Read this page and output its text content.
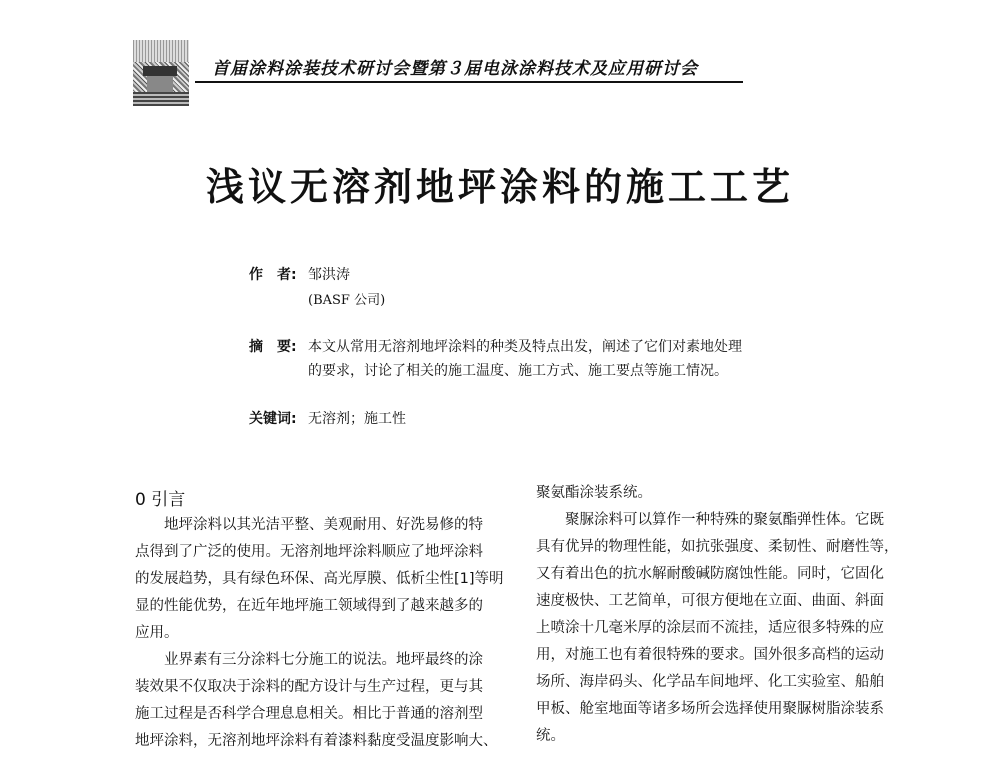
首届涂料涂装技术研讨会暨第３届电泳涂料技术及应用研讨会
浅议无溶剂地坪涂料的施工工艺
作　者: 邹洪涛
(BASF 公司)
摘　要: 本文从常用无溶剂地坪涂料的种类及特点出发，阐述了它们对素地处理
的要求，讨论了相关的施工温度、施工方式、施工要点等施工情况。
关键词: 无溶剂；施工性
0 引言

　　地坪涂料以其光洁平整、美观耐用、好洗易修的特

点得到了广泛的使用。无溶剂地坪涂料顺应了地坪涂料

的发展趋势，具有绿色环保、高光厚膜、低析尘性[1]等明

显的性能优势，在近年地坪施工领域得到了越来越多的

应用。

　　业界素有三分涂料七分施工的说法。地坪最终的涂

装效果不仅取决于涂料的配方设计与生产过程，更与其

施工过程是否科学合理息息相关。相比于普通的溶剂型

地坪涂料，无溶剂地坪涂料有着漆料黏度受温度影响大、

聚氨酯涂装系统。

　　聚脲涂料可以算作一种特殊的聚氨酯弹性体。它既

具有优异的物理性能，如抗张强度、柔韧性、耐磨性等，

又有着出色的抗水解耐酸碱防腐蚀性能。同时，它固化

速度极快、工艺简单，可很方便地在立面、曲面、斜面

上喷涂十几毫米厚的涂层而不流挂，适应很多特殊的应

用，对施工也有着很特殊的要求。国外很多高档的运动

场所、海岸码头、化学品车间地坪、化工实验室、船舶

甲板、舱室地面等诸多场所会选择使用聚脲树脂涂装系

统。
